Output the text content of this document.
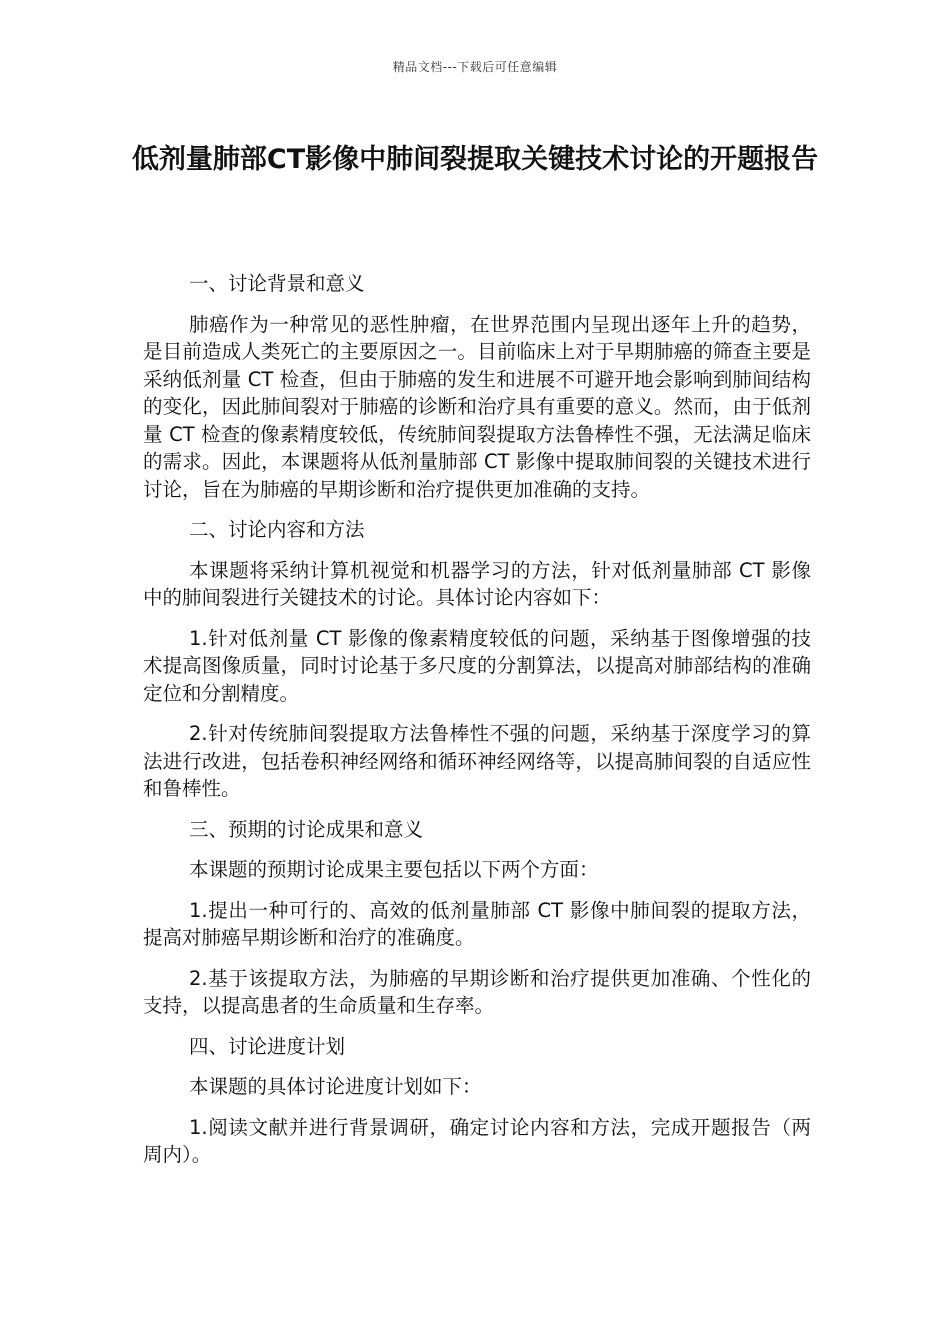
精品文档---下载后可任意编辑
低剂量肺部CT影像中肺间裂提取关键技术讨论的开题报告
一、讨论背景和意义

肺癌作为一种常见的恶性肿瘤，在世界范围内呈现出逐年上升的趋势，是目前造成人类死亡的主要原因之一。目前临床上对于早期肺癌的筛查主要是采纳低剂量 CT 检查，但由于肺癌的发生和进展不可避开地会影响到肺间结构的变化，因此肺间裂对于肺癌的诊断和治疗具有重要的意义。然而，由于低剂量 CT 检查的像素精度较低，传统肺间裂提取方法鲁棒性不强，无法满足临床的需求。因此，本课题将从低剂量肺部 CT 影像中提取肺间裂的关键技术进行讨论，旨在为肺癌的早期诊断和治疗提供更加准确的支持。

二、讨论内容和方法

本课题将采纳计算机视觉和机器学习的方法，针对低剂量肺部 CT 影像中的肺间裂进行关键技术的讨论。具体讨论内容如下：

1.针对低剂量 CT 影像的像素精度较低的问题，采纳基于图像增强的技术提高图像质量，同时讨论基于多尺度的分割算法，以提高对肺部结构的准确定位和分割精度。

2.针对传统肺间裂提取方法鲁棒性不强的问题，采纳基于深度学习的算法进行改进，包括卷积神经网络和循环神经网络等，以提高肺间裂的自适应性和鲁棒性。

三、预期的讨论成果和意义

本课题的预期讨论成果主要包括以下两个方面：

1.提出一种可行的、高效的低剂量肺部 CT 影像中肺间裂的提取方法，提高对肺癌早期诊断和治疗的准确度。

2.基于该提取方法，为肺癌的早期诊断和治疗提供更加准确、个性化的支持，以提高患者的生命质量和生存率。

四、讨论进度计划

本课题的具体讨论进度计划如下：

1.阅读文献并进行背景调研，确定讨论内容和方法，完成开题报告（两周内）。
